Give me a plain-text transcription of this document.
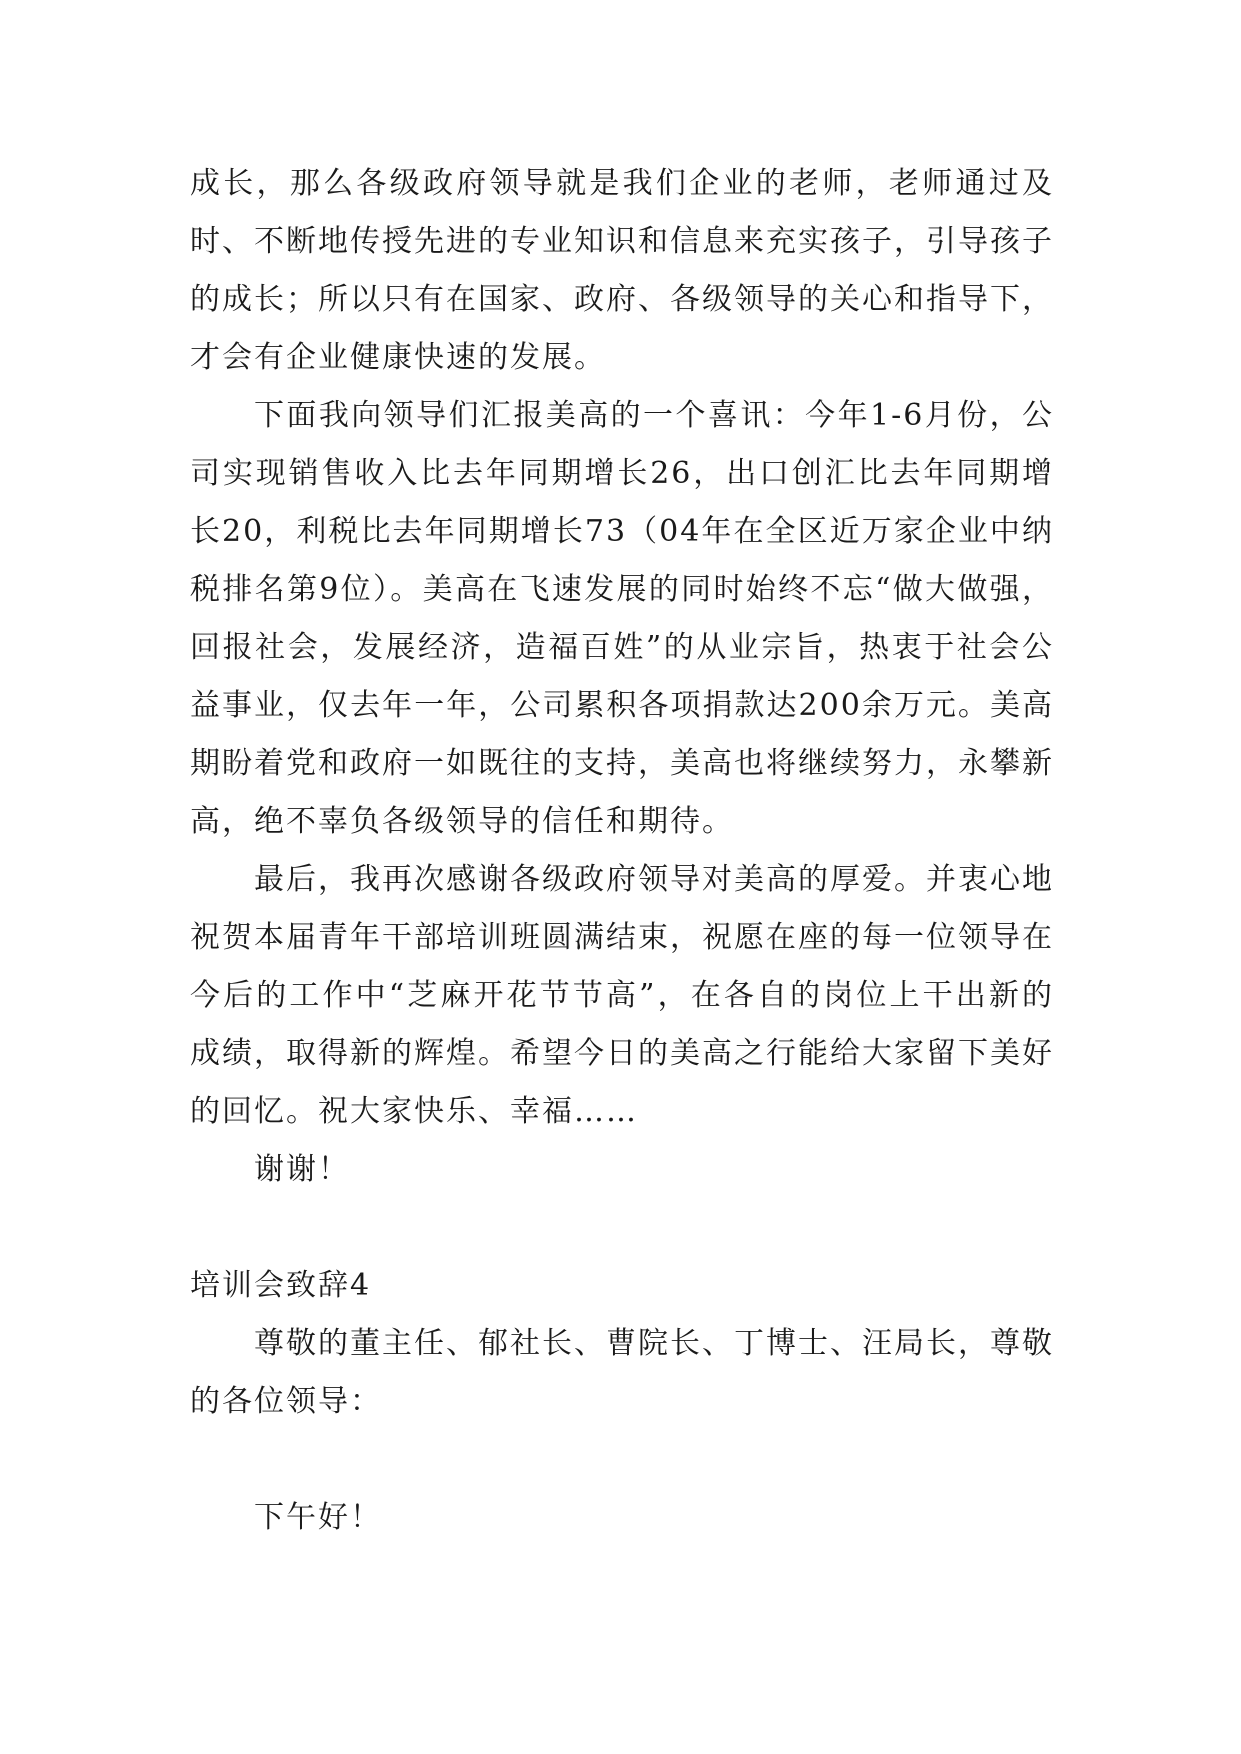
成长，那么各级政府领导就是我们企业的老师，老师通过及时、不断地传授先进的专业知识和信息来充实孩子，引导孩子的成长；所以只有在国家、政府、各级领导的关心和指导下，才会有企业健康快速的发展。

下面我向领导们汇报美高的一个喜讯：今年1-6月份，公司实现销售收入比去年同期增长26，出口创汇比去年同期增长20，利税比去年同期增长73（04年在全区近万家企业中纳税排名第9位）。美高在飞速发展的同时始终不忘“做大做强，回报社会，发展经济，造福百姓”的从业宗旨，热衷于社会公益事业，仅去年一年，公司累积各项捐款达200余万元。美高期盼着党和政府一如既往的支持，美高也将继续努力，永攀新高，绝不辜负各级领导的信任和期待。

最后，我再次感谢各级政府领导对美高的厚爱。并衷心地祝贺本届青年干部培训班圆满结束，祝愿在座的每一位领导在今后的工作中“芝麻开花节节高”，在各自的岗位上干出新的成绩，取得新的辉煌。希望今日的美高之行能给大家留下美好的回忆。祝大家快乐、幸福……

谢谢！

培训会致辞4

尊敬的董主任、郁社长、曹院长、丁博士、汪局长，尊敬的各位领导：

下午好！
